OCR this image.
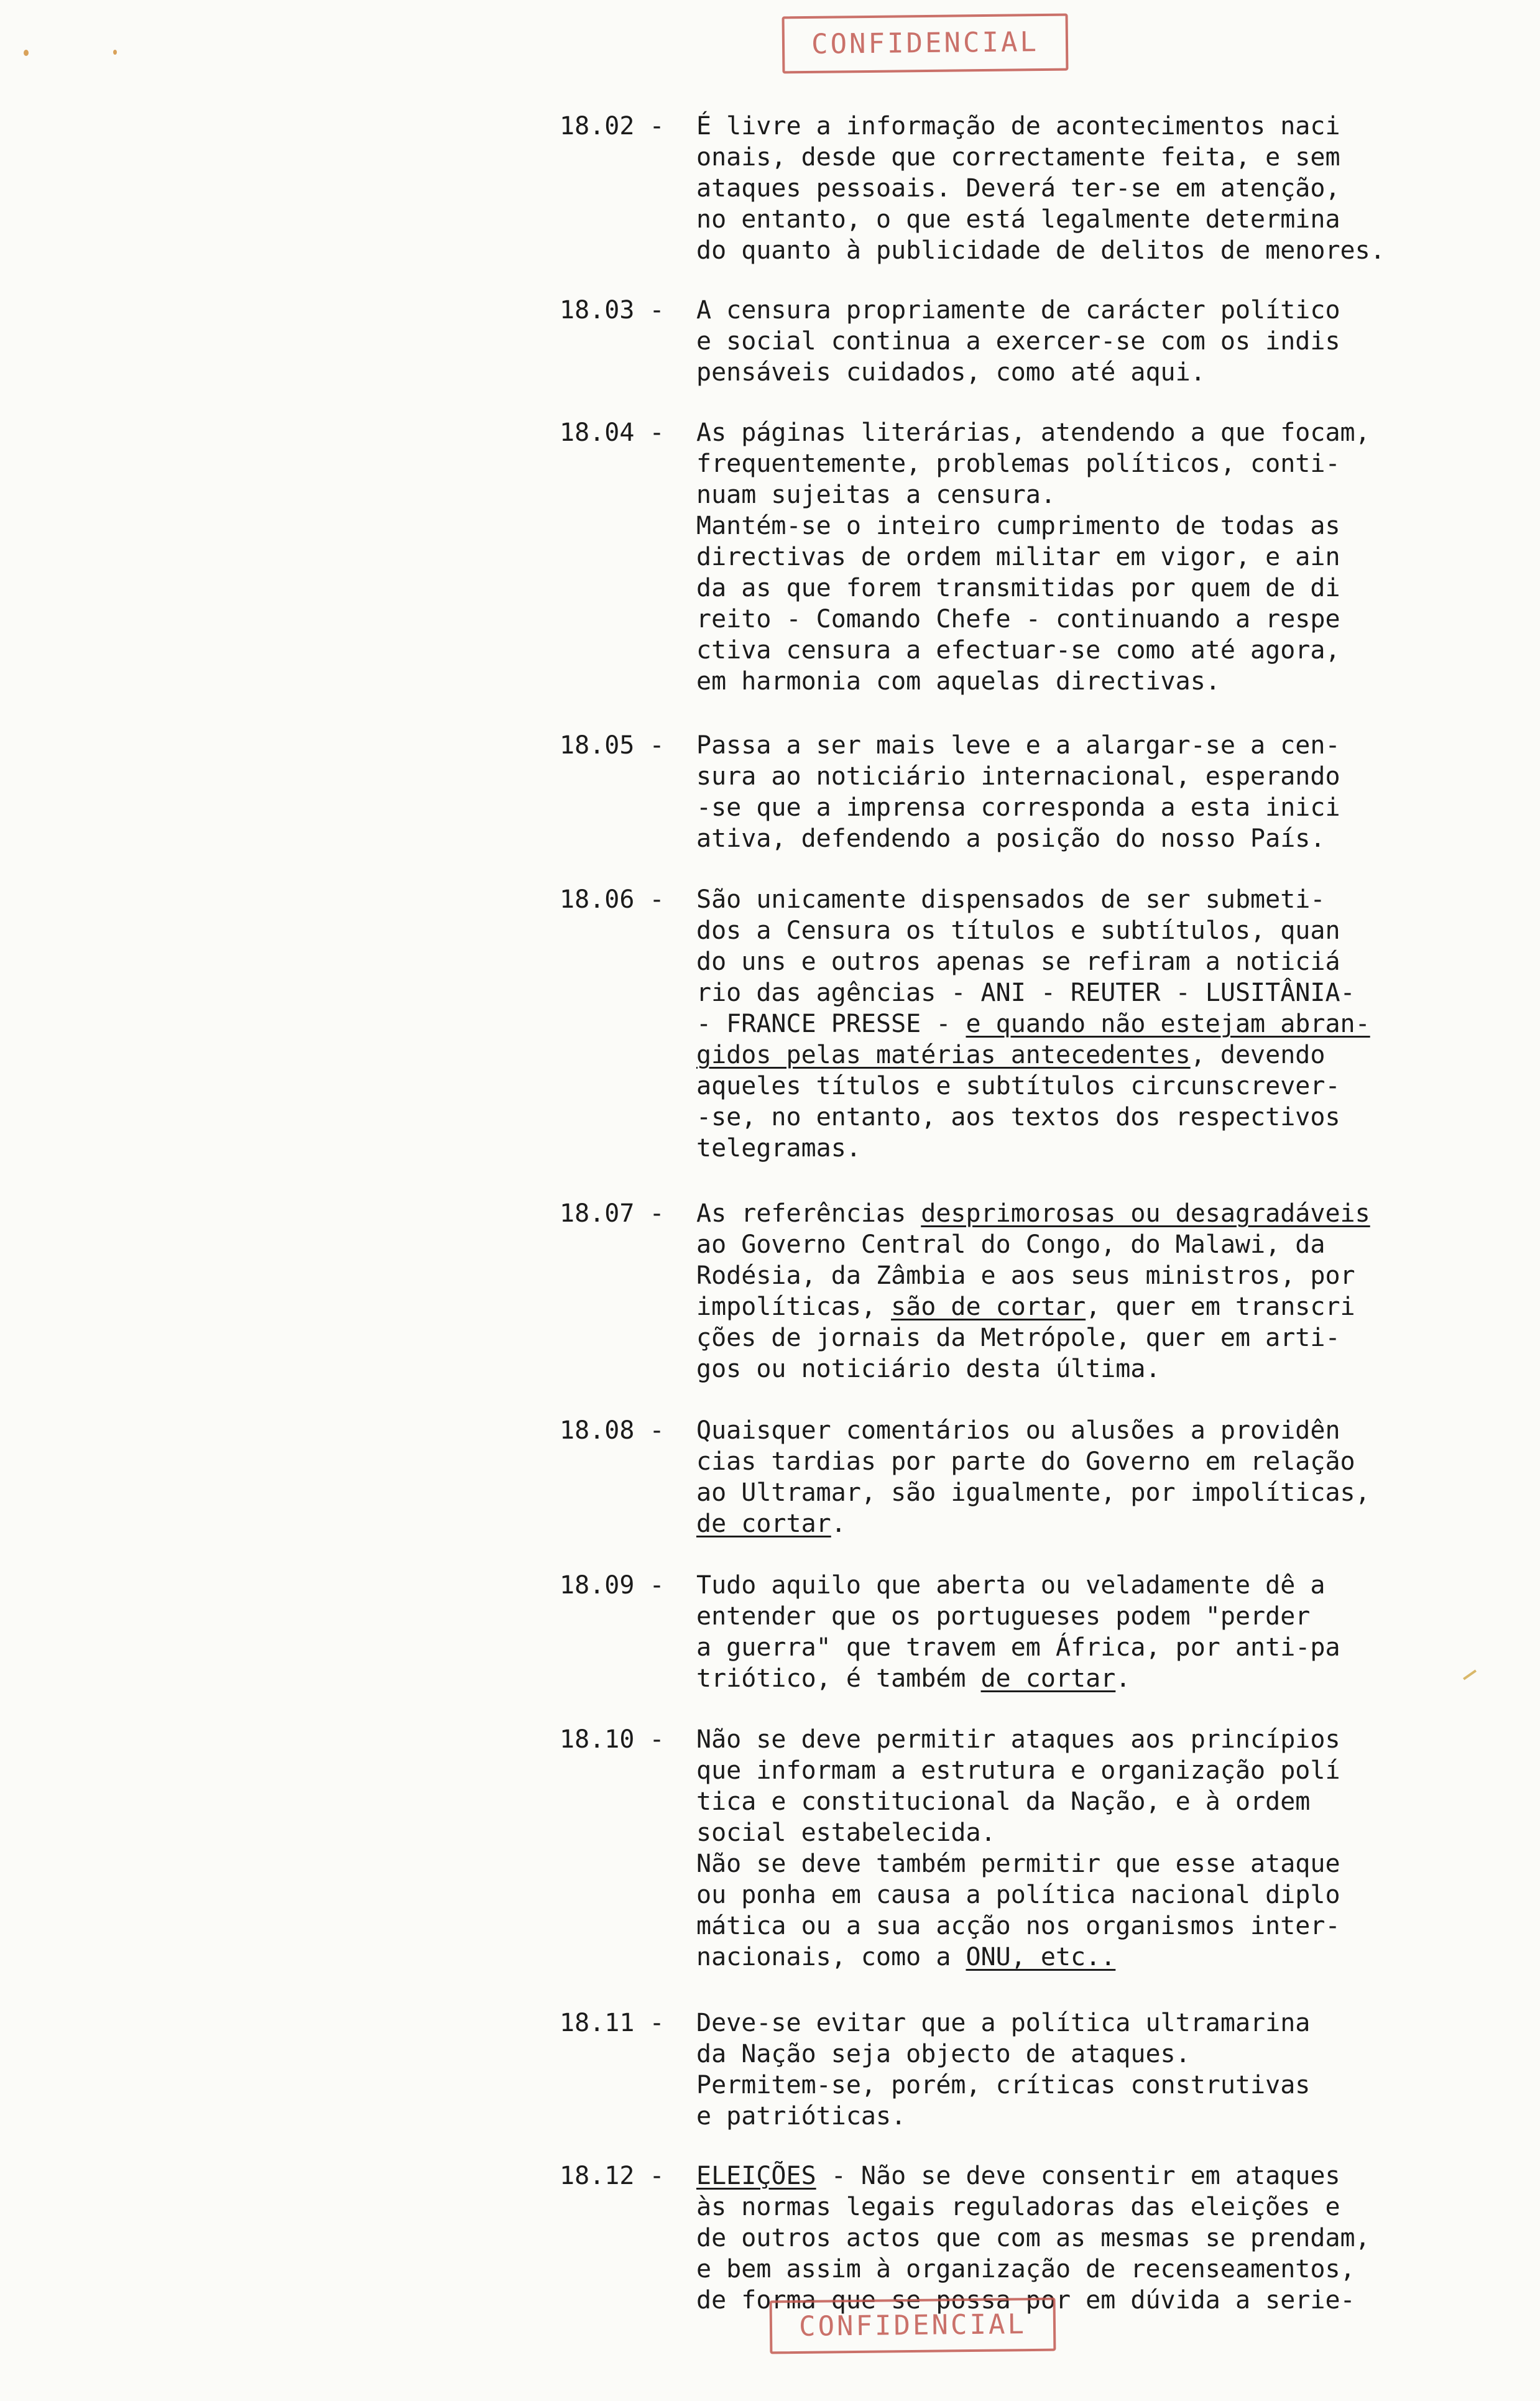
CONFIDENCIAL
18.02 -	É livre a informação de acontecimentos naci

onais, desde que correctamente feita, e sem

ataques pessoais. Deverá ter-se em atenção,

no entanto, o que está legalmente determina

do quanto à publicidade de delitos de menores.

18.03 -	A censura propriamente de carácter político

e social continua a exercer-se com os indis

pensáveis cuidados, como até aqui.

18.04 -	As páginas literárias, atendendo a que focam,

frequentemente, problemas políticos, conti-

nuam sujeitas a censura.

Mantém-se o inteiro cumprimento de todas as

directivas de ordem militar em vigor, e ain

da as que forem transmitidas por quem de di

reito - Comando Chefe - continuando a respe

ctiva censura a efectuar-se como até agora,

em harmonia com aquelas directivas.

18.05 -	Passa a ser mais leve e a alargar-se a cen-

sura ao noticiário internacional, esperando

-se que a imprensa corresponda a esta inici

ativa, defendendo a posição do nosso País.

18.06 -	São unicamente dispensados de ser submeti-

dos a Censura os títulos e subtítulos, quan

do uns e outros apenas se refiram a noticiá

rio das agências - ANI - REUTER - LUSITÂNIA-

- FRANCE PRESSE - e quando não estejam abran-

gidos pelas matérias antecedentes, devendo

aqueles títulos e subtítulos circunscrever-

-se, no entanto, aos textos dos respectivos

telegramas.

18.07 -	As referências desprimorosas ou desagradáveis

ao Governo Central do Congo, do Malawi, da

Rodésia, da Zâmbia e aos seus ministros, por

impolíticas, são de cortar, quer em transcri

ções de jornais da Metrópole, quer em arti-

gos ou noticiário desta última.

18.08 -	Quaisquer comentários ou alusões a providên

cias tardias por parte do Governo em relação

ao Ultramar, são igualmente, por impolíticas,

de cortar.

18.09 -	Tudo aquilo que aberta ou veladamente dê a

entender que os portugueses podem "perder

a guerra" que travem em África, por anti-pa

triótico, é também de cortar.

18.10 -	Não se deve permitir ataques aos princípios

que informam a estrutura e organização polí

tica e constitucional da Nação, e à ordem

social estabelecida.

Não se deve também permitir que esse ataque

ou ponha em causa a política nacional diplo

mática ou a sua acção nos organismos inter-

nacionais, como a ONU, etc..

18.11 -	Deve-se evitar que a política ultramarina

da Nação seja objecto de ataques.

Permitem-se, porém, críticas construtivas

e patrióticas.

18.12 -	ELEIÇÕES - Não se deve consentir em ataques

às normas legais reguladoras das eleições e

de outros actos que com as mesmas se prendam,

e bem assim à organização de recenseamentos,

de forma que se possa por em dúvida a serie-

CONFIDENCIAL
